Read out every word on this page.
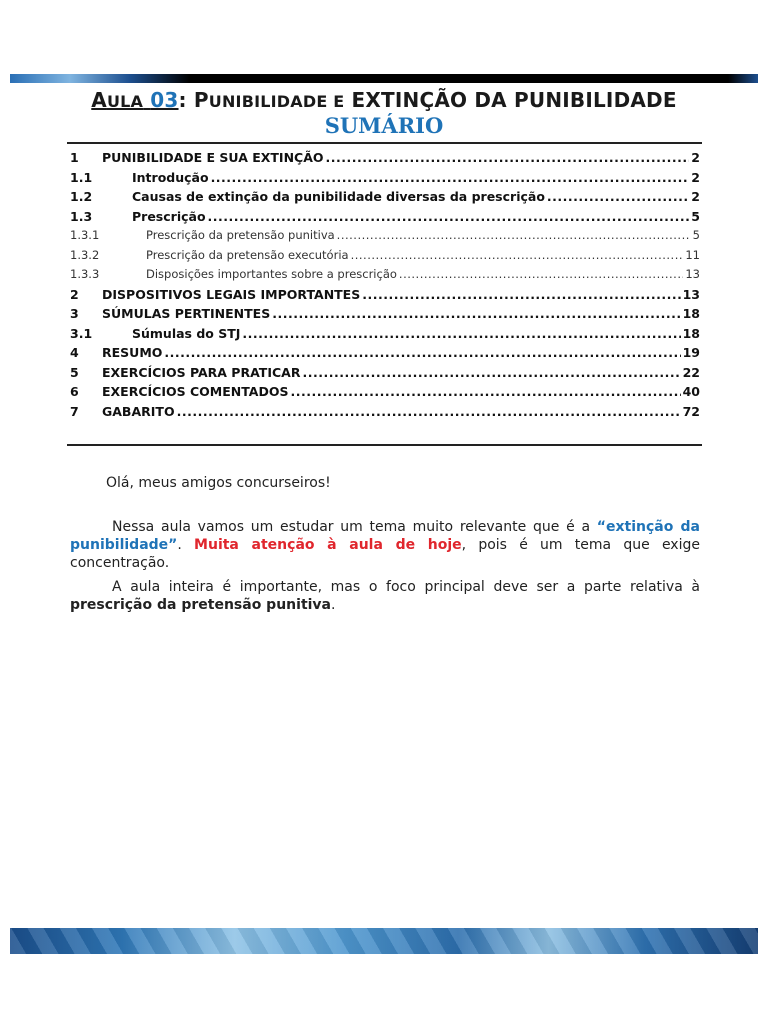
AULA 03: PUNIBILIDADE E EXTINÇÃO DA PUNIBILIDADE
SUMÁRIO
1	PUNIBILIDADE E SUA EXTINÇÃO .....	2
1.1	Introdução .....	2
1.2	Causas de extinção da punibilidade diversas da prescrição .....	2
1.3	Prescrição .....	5
1.3.1	Prescrição da pretensão punitiva .....	5
1.3.2	Prescrição da pretensão executória .....	11
1.3.3	Disposições importantes sobre a prescrição .....	13
2	DISPOSITIVOS LEGAIS IMPORTANTES .....	13
3	SÚMULAS PERTINENTES .....	18
3.1	Súmulas do STJ .....	18
4	RESUMO .....	19
5	EXERCÍCIOS PARA PRATICAR .....	22
6	EXERCÍCIOS COMENTADOS .....	40
7	GABARITO .....	72
Olá, meus amigos concurseiros!
Nessa aula vamos um estudar um tema muito relevante que é a “extinção da punibilidade”. Muita atenção à aula de hoje, pois é um tema que exige concentração.
A aula inteira é importante, mas o foco principal deve ser a parte relativa à prescrição da pretensão punitiva.
